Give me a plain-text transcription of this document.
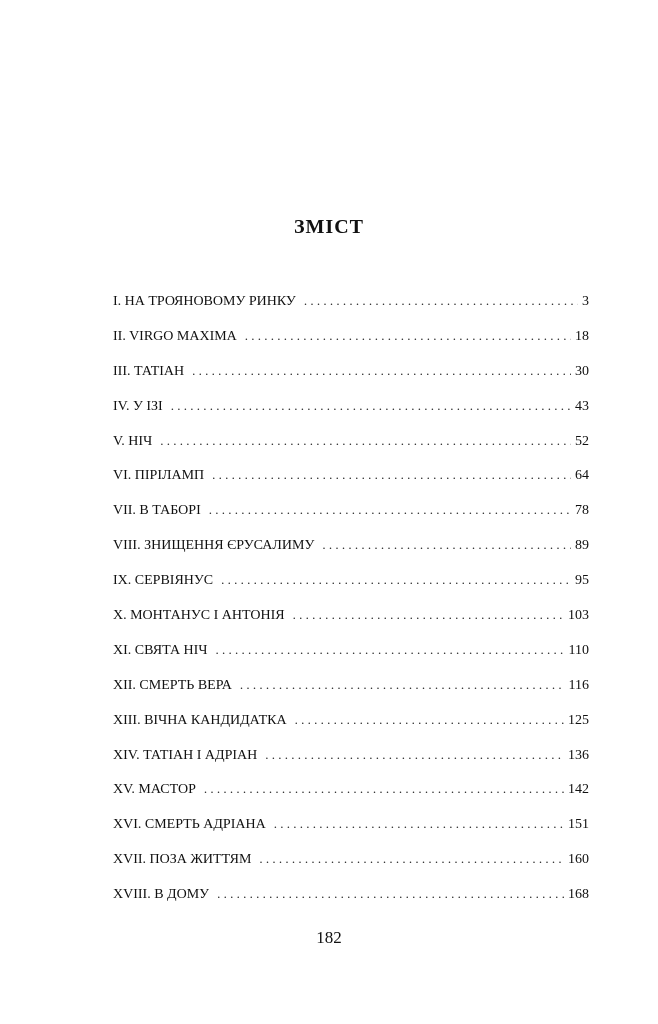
ЗМІСТ
I. НА ТРОЯНОВОМУ РИНКУ . . .	3
II. VIRGO MAXIMA . . .	18
III. ТАТІАН . . .	30
IV. У ІЗІ . . .	43
V. НІЧ . . .	52
VI. ПІРІЛАМП . . .	64
VII. В ТАБОРІ . . .	78
VIII. ЗНИЩЕННЯ ЄРУСАЛИМУ . . .	89
IX. СЕРВІЯНУС . . .	95
X. МОНТАНУС І АНТОНІЯ . . .	103
XI. СВЯТА НІЧ . . .	110
XII. СМЕРТЬ ВЕРА . . .	116
XIII. ВІЧНА КАНДИДАТКА . . .	125
XIV. ТАТІАН І АДРІАН . . .	136
XV. МАСТОР . . .	142
XVI. СМЕРТЬ АДРІАНА . . .	151
XVII. ПОЗА ЖИТТЯМ . . .	160
XVIII. В ДОМУ . . .	168
182
